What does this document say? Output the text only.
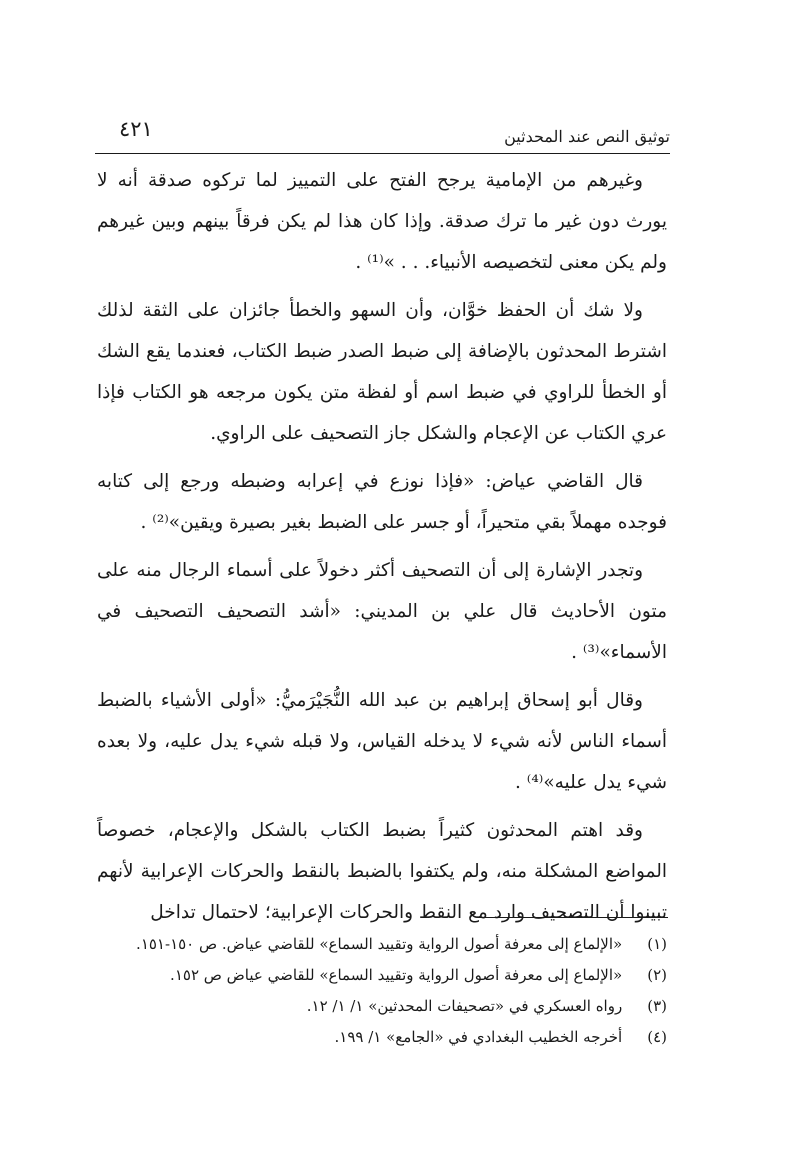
توثيق النص عند المحدثين
٤٢١

وغيرهم من الإمامية يرجح الفتح على التمييز لما تركوه صدقة أنه لا يورث دون غير ما ترك صدقة. وإذا كان هذا لم يكن فرقاً بينهم وبين غيرهم ولم يكن معنى لتخصيصه الأنبياء. . . »⁽¹⁾ .

ولا شك أن الحفظ خوَّان، وأن السهو والخطأ جائزان على الثقة لذلك اشترط المحدثون بالإضافة إلى ضبط الصدر ضبط الكتاب، فعندما يقع الشك أو الخطأ للراوي في ضبط اسم أو لفظة متن يكون مرجعه هو الكتاب فإذا عري الكتاب عن الإعجام والشكل جاز التصحيف على الراوي.

قال القاضي عياض: «فإذا نوزع في إعرابه وضبطه ورجع إلى كتابه فوجده مهملاً بقي متحيراً، أو جسر على الضبط بغير بصيرة ويقين»⁽²⁾ .

وتجدر الإشارة إلى أن التصحيف أكثر دخولاً على أسماء الرجال منه على متون الأحاديث قال علي بن المديني: «أشد التصحيف التصحيف في الأسماء»⁽³⁾ .

وقال أبو إسحاق إبراهيم بن عبد الله النُّجَيْرَميُّ: «أولى الأشياء بالضبط أسماء الناس لأنه شيء لا يدخله القياس، ولا قبله شيء يدل عليه، ولا بعده شيء يدل عليه»⁽⁴⁾ .

وقد اهتم المحدثون كثيراً بضبط الكتاب بالشكل والإعجام، خصوصاً المواضع المشكلة منه، ولم يكتفوا بالضبط بالنقط والحركات الإعرابية لأنهم تبينوا أن التصحيف وارد مع النقط والحركات الإعرابية؛ لاحتمال تداخل

(١) «الإلماع إلى معرفة أصول الرواية وتقييد السماع» للقاضي عياض. ص ١٥٠-١٥١.
(٢) «الإلماع إلى معرفة أصول الرواية وتقييد السماع» للقاضي عياض ص ١٥٢.
(٣) رواه العسكري في «تصحيفات المحدثين» ١/ ١/ ١٢.
(٤) أخرجه الخطيب البغدادي في «الجامع» ١/ ١٩٩.
